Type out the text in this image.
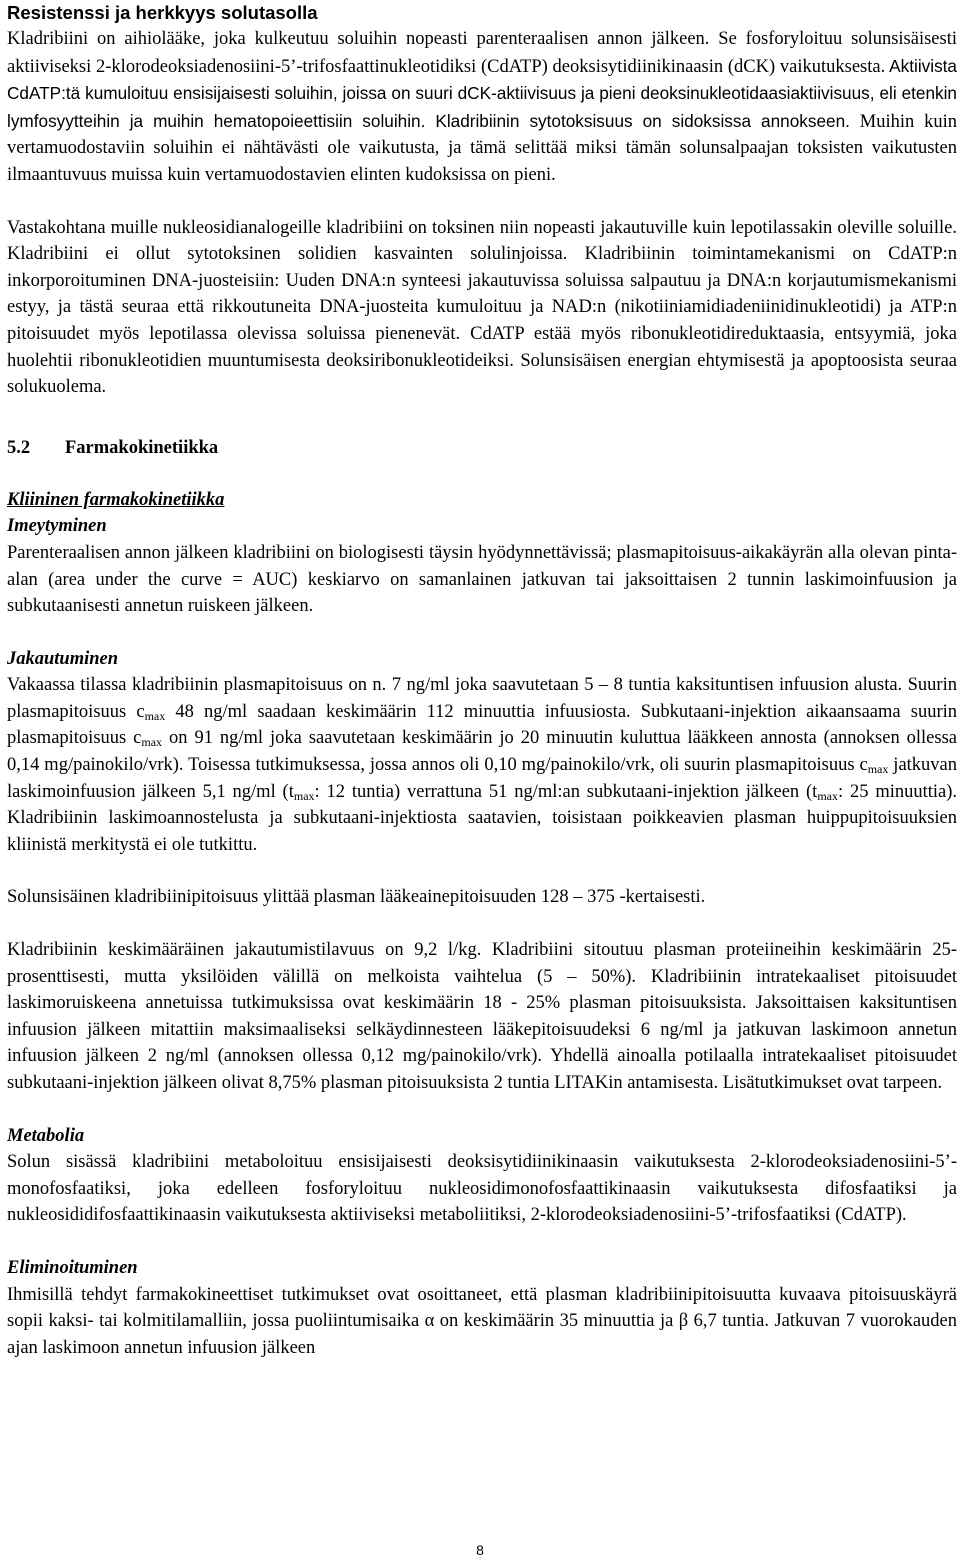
Resistenssi ja herkkyys solutasolla

Kladribiini on aihiolääke, joka kulkeutuu soluihin nopeasti parenteraalisen annon jälkeen. Se fosforyloituu solunsisäisesti aktiiviseksi 2-klorodeoksiadenosiini-5’-trifosfaattinukleotidiksi (CdATP) deoksisytidiinikinaasin (dCK) vaikutuksesta. Aktiivista CdATP:tä kumuloituu ensisijaisesti soluihin, joissa on suuri dCK-aktiivisuus ja pieni deoksinukleotidaasiaktiivisuus, eli etenkin lymfosyytteihin ja muihin hematopoieettisiin soluihin. Kladribiinin sytotoksisuus on sidoksissa annokseen. Muihin kuin vertamuodostaviin soluihin ei nähtävästi ole vaikutusta, ja tämä selittää miksi tämän solunsalpaajan toksisten vaikutusten ilmaantuvuus muissa kuin vertamuodostavien elinten kudoksissa on pieni.

Vastakohtana muille nukleosidianalogeille kladribiini on toksinen niin nopeasti jakautuville kuin lepotilassakin oleville soluille. Kladribiini ei ollut sytotoksinen solidien kasvainten solulinjoissa. Kladribiinin toimintamekanismi on CdATP:n inkorporoituminen DNA-juosteisiin: Uuden DNA:n synteesi jakautuvissa soluissa salpautuu ja DNA:n korjautumismekanismi estyy, ja tästä seuraa että rikkoutuneita DNA-juosteita kumuloituu ja NAD:n (nikotiiniamidiadeniinidinukleotidi) ja ATP:n pitoisuudet myös lepotilassa olevissa soluissa pienenevät. CdATP estää myös ribonukleotidireduktaasia, entsyymiä, joka huolehtii ribonukleotidien muuntumisesta deoksiribonukleotideiksi. Solunsisäisen energian ehtymisestä ja apoptoosista seuraa solukuolema.

5.2 Farmakokinetiikka
Kliininen farmakokinetiikka
Imeytyminen

Parenteraalisen annon jälkeen kladribiini on biologisesti täysin hyödynnettävissä; plasmapitoisuus-aikakäyrän alla olevan pinta-alan (area under the curve = AUC) keskiarvo on samanlainen jatkuvan tai jaksoittaisen 2 tunnin laskimoinfuusion ja subkutaanisesti annetun ruiskeen jälkeen.

Jakautuminen

Vakaassa tilassa kladribiinin plasmapitoisuus on n. 7 ng/ml joka saavutetaan 5 – 8 tuntia kaksituntisen infuusion alusta. Suurin plasmapitoisuus $c_{max}$ 48 ng/ml saadaan keskimäärin 112 minuuttia infuusiosta. Subkutaani-injektion aikaansaama suurin plasmapitoisuus $c_{max}$ on 91 ng/ml joka saavutetaan keskimäärin jo 20 minuutin kuluttua lääkkeen annosta (annoksen ollessa 0,14 mg/painokilo/vrk). Toisessa tutkimuksessa, jossa annos oli 0,10 mg/painokilo/vrk, oli suurin plasmapitoisuus $c_{max}$ jatkuvan laskimoinfuusion jälkeen 5,1 ng/ml ($t_{max}$: 12 tuntia) verrattuna 51 ng/ml:an subkutaani-injektion jälkeen ($t_{max}$: 25 minuuttia). Kladribiinin laskimoannostelusta ja subkutaani-injektiosta saatavien, toisistaan poikkeavien plasman huippupitoisuuksien kliinistä merkitystä ei ole tutkittu.

Solunsisäinen kladribiinipitoisuus ylittää plasman lääkeainepitoisuuden 128 – 375 -kertaisesti.

Kladribiinin keskimääräinen jakautumistilavuus on 9,2 l/kg. Kladribiini sitoutuu plasman proteiineihin keskimäärin 25-prosenttisesti, mutta yksilöiden välillä on melkoista vaihtelua (5 – 50%). Kladribiinin intratekaaliset pitoisuudet laskimoruiskeena annetuissa tutkimuksissa ovat keskimäärin 18 - 25% plasman pitoisuuksista. Jaksoittaisen kaksituntisen infuusion jälkeen mitattiin maksimaaliseksi selkäydinnesteen lääkepitoisuudeksi 6 ng/ml ja jatkuvan laskimoon annetun infuusion jälkeen 2 ng/ml (annoksen ollessa 0,12 mg/painokilo/vrk). Yhdellä ainoalla potilaalla intratekaaliset pitoisuudet subkutaani-injektion jälkeen olivat 8,75% plasman pitoisuuksista 2 tuntia LITAKin antamisesta. Lisätutkimukset ovat tarpeen.

Metabolia

Solun sisässä kladribiini metaboloituu ensisijaisesti deoksisytidiinikinaasin vaikutuksesta 2-klorodeoksiadenosiini-5’-monofosfaatiksi, joka edelleen fosforyloituu nukleosidimonofosfaattikinaasin vaikutuksesta difosfaatiksi ja nukleosididifosfaattikinaasin vaikutuksesta aktiiviseksi metaboliitiksi, 2-klorodeoksiadenosiini-5’-trifosfaatiksi (CdATP).

Eliminoituminen

Ihmisillä tehdyt farmakokineettiset tutkimukset ovat osoittaneet, että plasman kladribiinipitoisuutta kuvaava pitoisuuskäyrä sopii kaksi- tai kolmitilamalliin, jossa puoliintumisaika α on keskimäärin 35 minuuttia ja β 6,7 tuntia. Jatkuvan 7 vuorokauden ajan laskimoon annetun infuusion jälkeen

8
